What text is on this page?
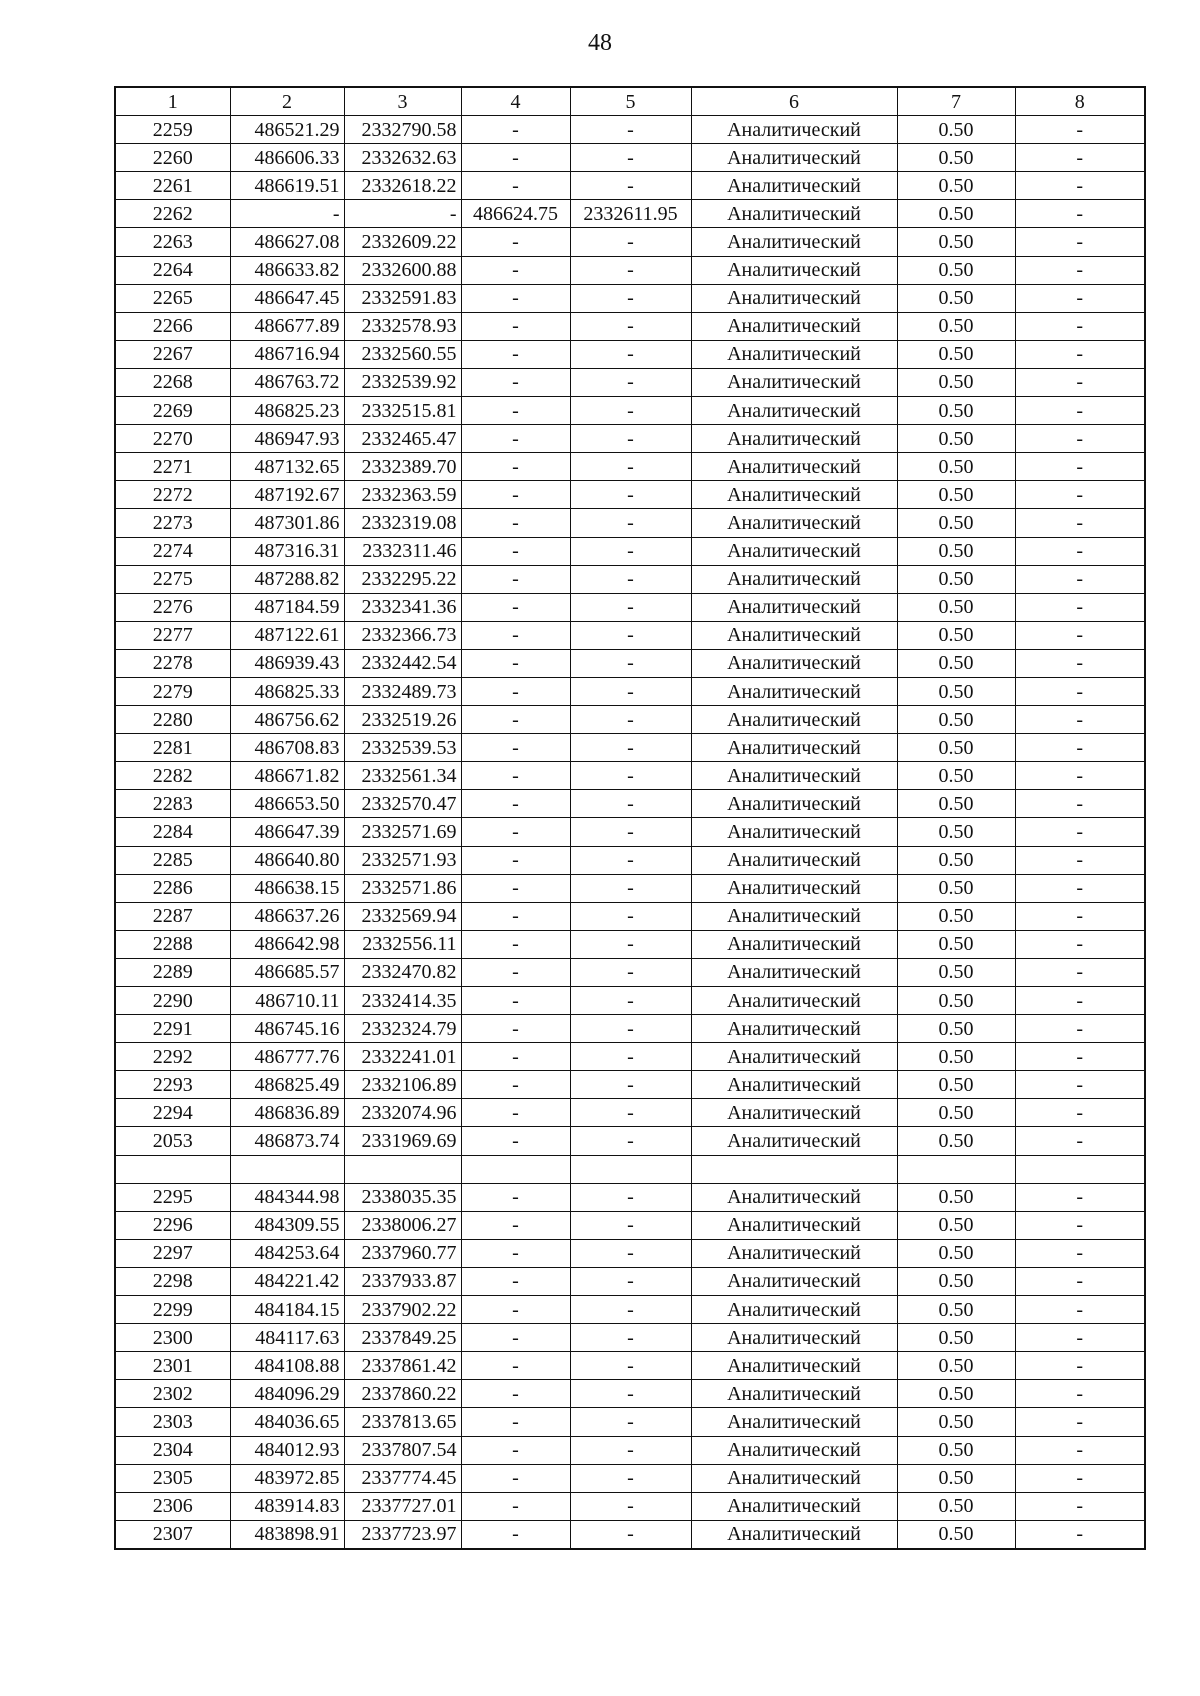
48
1	2	3	4	5	6	7	8
2259	486521.29	2332790.58	-	-	Аналитический	0.50	-
2260	486606.33	2332632.63	-	-	Аналитический	0.50	-
2261	486619.51	2332618.22	-	-	Аналитический	0.50	-
2262	-	-	486624.75	2332611.95	Аналитический	0.50	-
2263	486627.08	2332609.22	-	-	Аналитический	0.50	-
2264	486633.82	2332600.88	-	-	Аналитический	0.50	-
2265	486647.45	2332591.83	-	-	Аналитический	0.50	-
2266	486677.89	2332578.93	-	-	Аналитический	0.50	-
2267	486716.94	2332560.55	-	-	Аналитический	0.50	-
2268	486763.72	2332539.92	-	-	Аналитический	0.50	-
2269	486825.23	2332515.81	-	-	Аналитический	0.50	-
2270	486947.93	2332465.47	-	-	Аналитический	0.50	-
2271	487132.65	2332389.70	-	-	Аналитический	0.50	-
2272	487192.67	2332363.59	-	-	Аналитический	0.50	-
2273	487301.86	2332319.08	-	-	Аналитический	0.50	-
2274	487316.31	2332311.46	-	-	Аналитический	0.50	-
2275	487288.82	2332295.22	-	-	Аналитический	0.50	-
2276	487184.59	2332341.36	-	-	Аналитический	0.50	-
2277	487122.61	2332366.73	-	-	Аналитический	0.50	-
2278	486939.43	2332442.54	-	-	Аналитический	0.50	-
2279	486825.33	2332489.73	-	-	Аналитический	0.50	-
2280	486756.62	2332519.26	-	-	Аналитический	0.50	-
2281	486708.83	2332539.53	-	-	Аналитический	0.50	-
2282	486671.82	2332561.34	-	-	Аналитический	0.50	-
2283	486653.50	2332570.47	-	-	Аналитический	0.50	-
2284	486647.39	2332571.69	-	-	Аналитический	0.50	-
2285	486640.80	2332571.93	-	-	Аналитический	0.50	-
2286	486638.15	2332571.86	-	-	Аналитический	0.50	-
2287	486637.26	2332569.94	-	-	Аналитический	0.50	-
2288	486642.98	2332556.11	-	-	Аналитический	0.50	-
2289	486685.57	2332470.82	-	-	Аналитический	0.50	-
2290	486710.11	2332414.35	-	-	Аналитический	0.50	-
2291	486745.16	2332324.79	-	-	Аналитический	0.50	-
2292	486777.76	2332241.01	-	-	Аналитический	0.50	-
2293	486825.49	2332106.89	-	-	Аналитический	0.50	-
2294	486836.89	2332074.96	-	-	Аналитический	0.50	-
2053	486873.74	2331969.69	-	-	Аналитический	0.50	-

2295	484344.98	2338035.35	-	-	Аналитический	0.50	-
2296	484309.55	2338006.27	-	-	Аналитический	0.50	-
2297	484253.64	2337960.77	-	-	Аналитический	0.50	-
2298	484221.42	2337933.87	-	-	Аналитический	0.50	-
2299	484184.15	2337902.22	-	-	Аналитический	0.50	-
2300	484117.63	2337849.25	-	-	Аналитический	0.50	-
2301	484108.88	2337861.42	-	-	Аналитический	0.50	-
2302	484096.29	2337860.22	-	-	Аналитический	0.50	-
2303	484036.65	2337813.65	-	-	Аналитический	0.50	-
2304	484012.93	2337807.54	-	-	Аналитический	0.50	-
2305	483972.85	2337774.45	-	-	Аналитический	0.50	-
2306	483914.83	2337727.01	-	-	Аналитический	0.50	-
2307	483898.91	2337723.97	-	-	Аналитический	0.50	-
